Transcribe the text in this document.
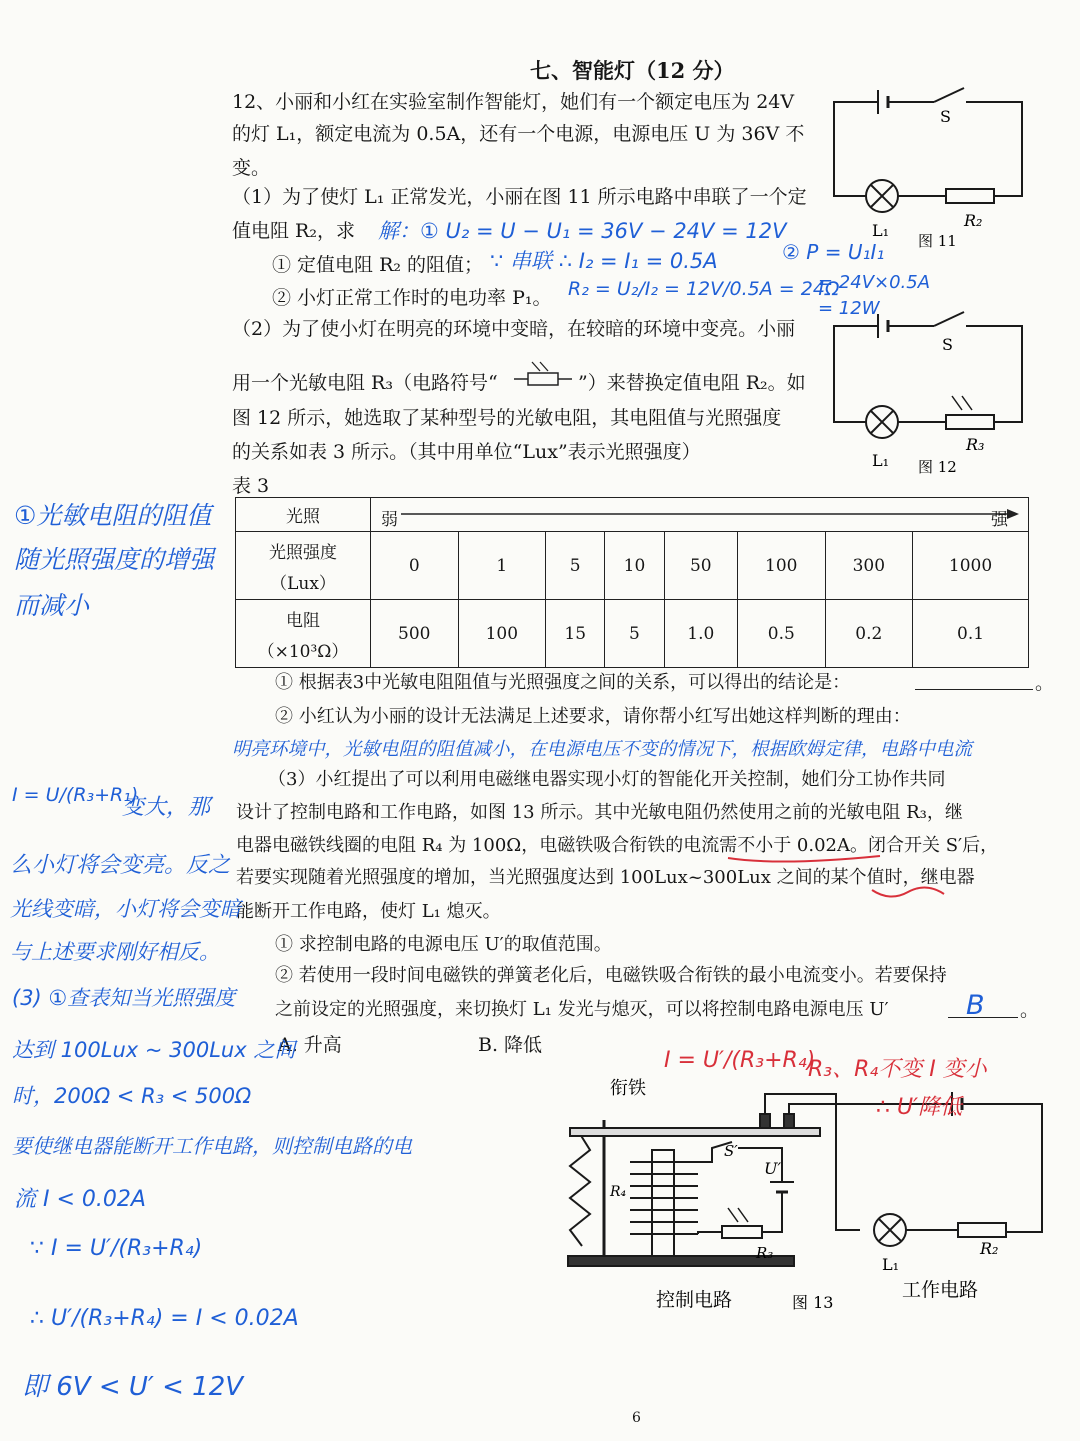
七、智能灯（12 分）
12、小丽和小红在实验室制作智能灯，她们有一个额定电压为 24V
的灯 L₁，额定电流为 0.5A，还有一个电源，电源电压 U 为 36V 不
变。
（1）为了使灯 L₁ 正常发光，小丽在图 11 所示电路中串联了一个定
值电阻 R₂，求
① 定值电阻 R₂ 的阻值；
② 小灯正常工作时的电功率 P₁。
（2）为了使小灯在明亮的环境中变暗，在较暗的环境中变亮。小丽
用一个光敏电阻 R₃（电路符号“	”）来替换定值电阻 R₂。如
图 12 所示，她选取了某种型号的光敏电阻，其电阻值与光照强度
的关系如表 3 所示。（其中用单位“Lux”表示光照强度）
表 3
光照	弱 强							

光照强度
（Lux）	0	1	5	10	50	100	300	1000

电阻
（×10³Ω）	500	100	15	5	1.0	0.5	0.2	0.1
① 根据表3中光敏电阻阻值与光照强度之间的关系，可以得出的结论是：	。
② 小红认为小丽的设计无法满足上述要求，请你帮小红写出她这样判断的理由：
（3）小红提出了可以利用电磁继电器实现小灯的智能化开关控制，她们分工协作共同
设计了控制电路和工作电路，如图 13 所示。其中光敏电阻仍然使用之前的光敏电阻 R₃，继
电器电磁铁线圈的电阻 R₄ 为 100Ω，电磁铁吸合衔铁的电流需不小于 0.02A。闭合开关 S′后，
若要实现随着光照强度的增加，当光照强度达到 100Lux~300Lux 之间的某个值时，继电器
能断开工作电路，使灯 L₁ 熄灭。
① 求控制电路的电源电压 U′的取值范围。
② 若使用一段时间电磁铁的弹簧老化后，电磁铁吸合衔铁的最小电流变小。若要保持
之前设定的光照强度，来切换灯 L₁ 发光与熄灭，可以将控制电路电源电压 U′	。
A. 升高	B. 降低
S
L₁
R₂
图 11
S
L₁
R₃
图 12
衔铁
S′
U′
R₄
R₃
L₁
R₂
控制电路	图 13
工作电路
解：① U₂ = U − U₁ = 36V − 24V = 12V
∵ 串联 ∴ I₂ = I₁ = 0.5A
R₂ = U₂/I₂ = 12V/0.5A = 24Ω
② P = U₁I₁
= 24V×0.5A
= 12W
①光敏电阻的阻值
随光照强度的增强
而减小
明亮环境中，光敏电阻的阻值减小，在电源电压不变的情况下，根据欧姆定律，电路中电流
I = U/(R₃+R₁)
变大，那
么小灯将会变亮。反之
光线变暗，小灯将会变暗
与上述要求刚好相反。
(3) ①查表知当光照强度
达到 100Lux ~ 300Lux 之间
时，200Ω < R₃ < 500Ω
要使继电器能断开工作电路，则控制电路的电
流 I < 0.02A
∵ I = U′/(R₃+R₄)
∴ U′/(R₃+R₄) = I < 0.02A
即 6V < U′ < 12V
B
I = U′/(R₃+R₄)
R₃、R₄不变 I 变小
∴ U′降低
6
